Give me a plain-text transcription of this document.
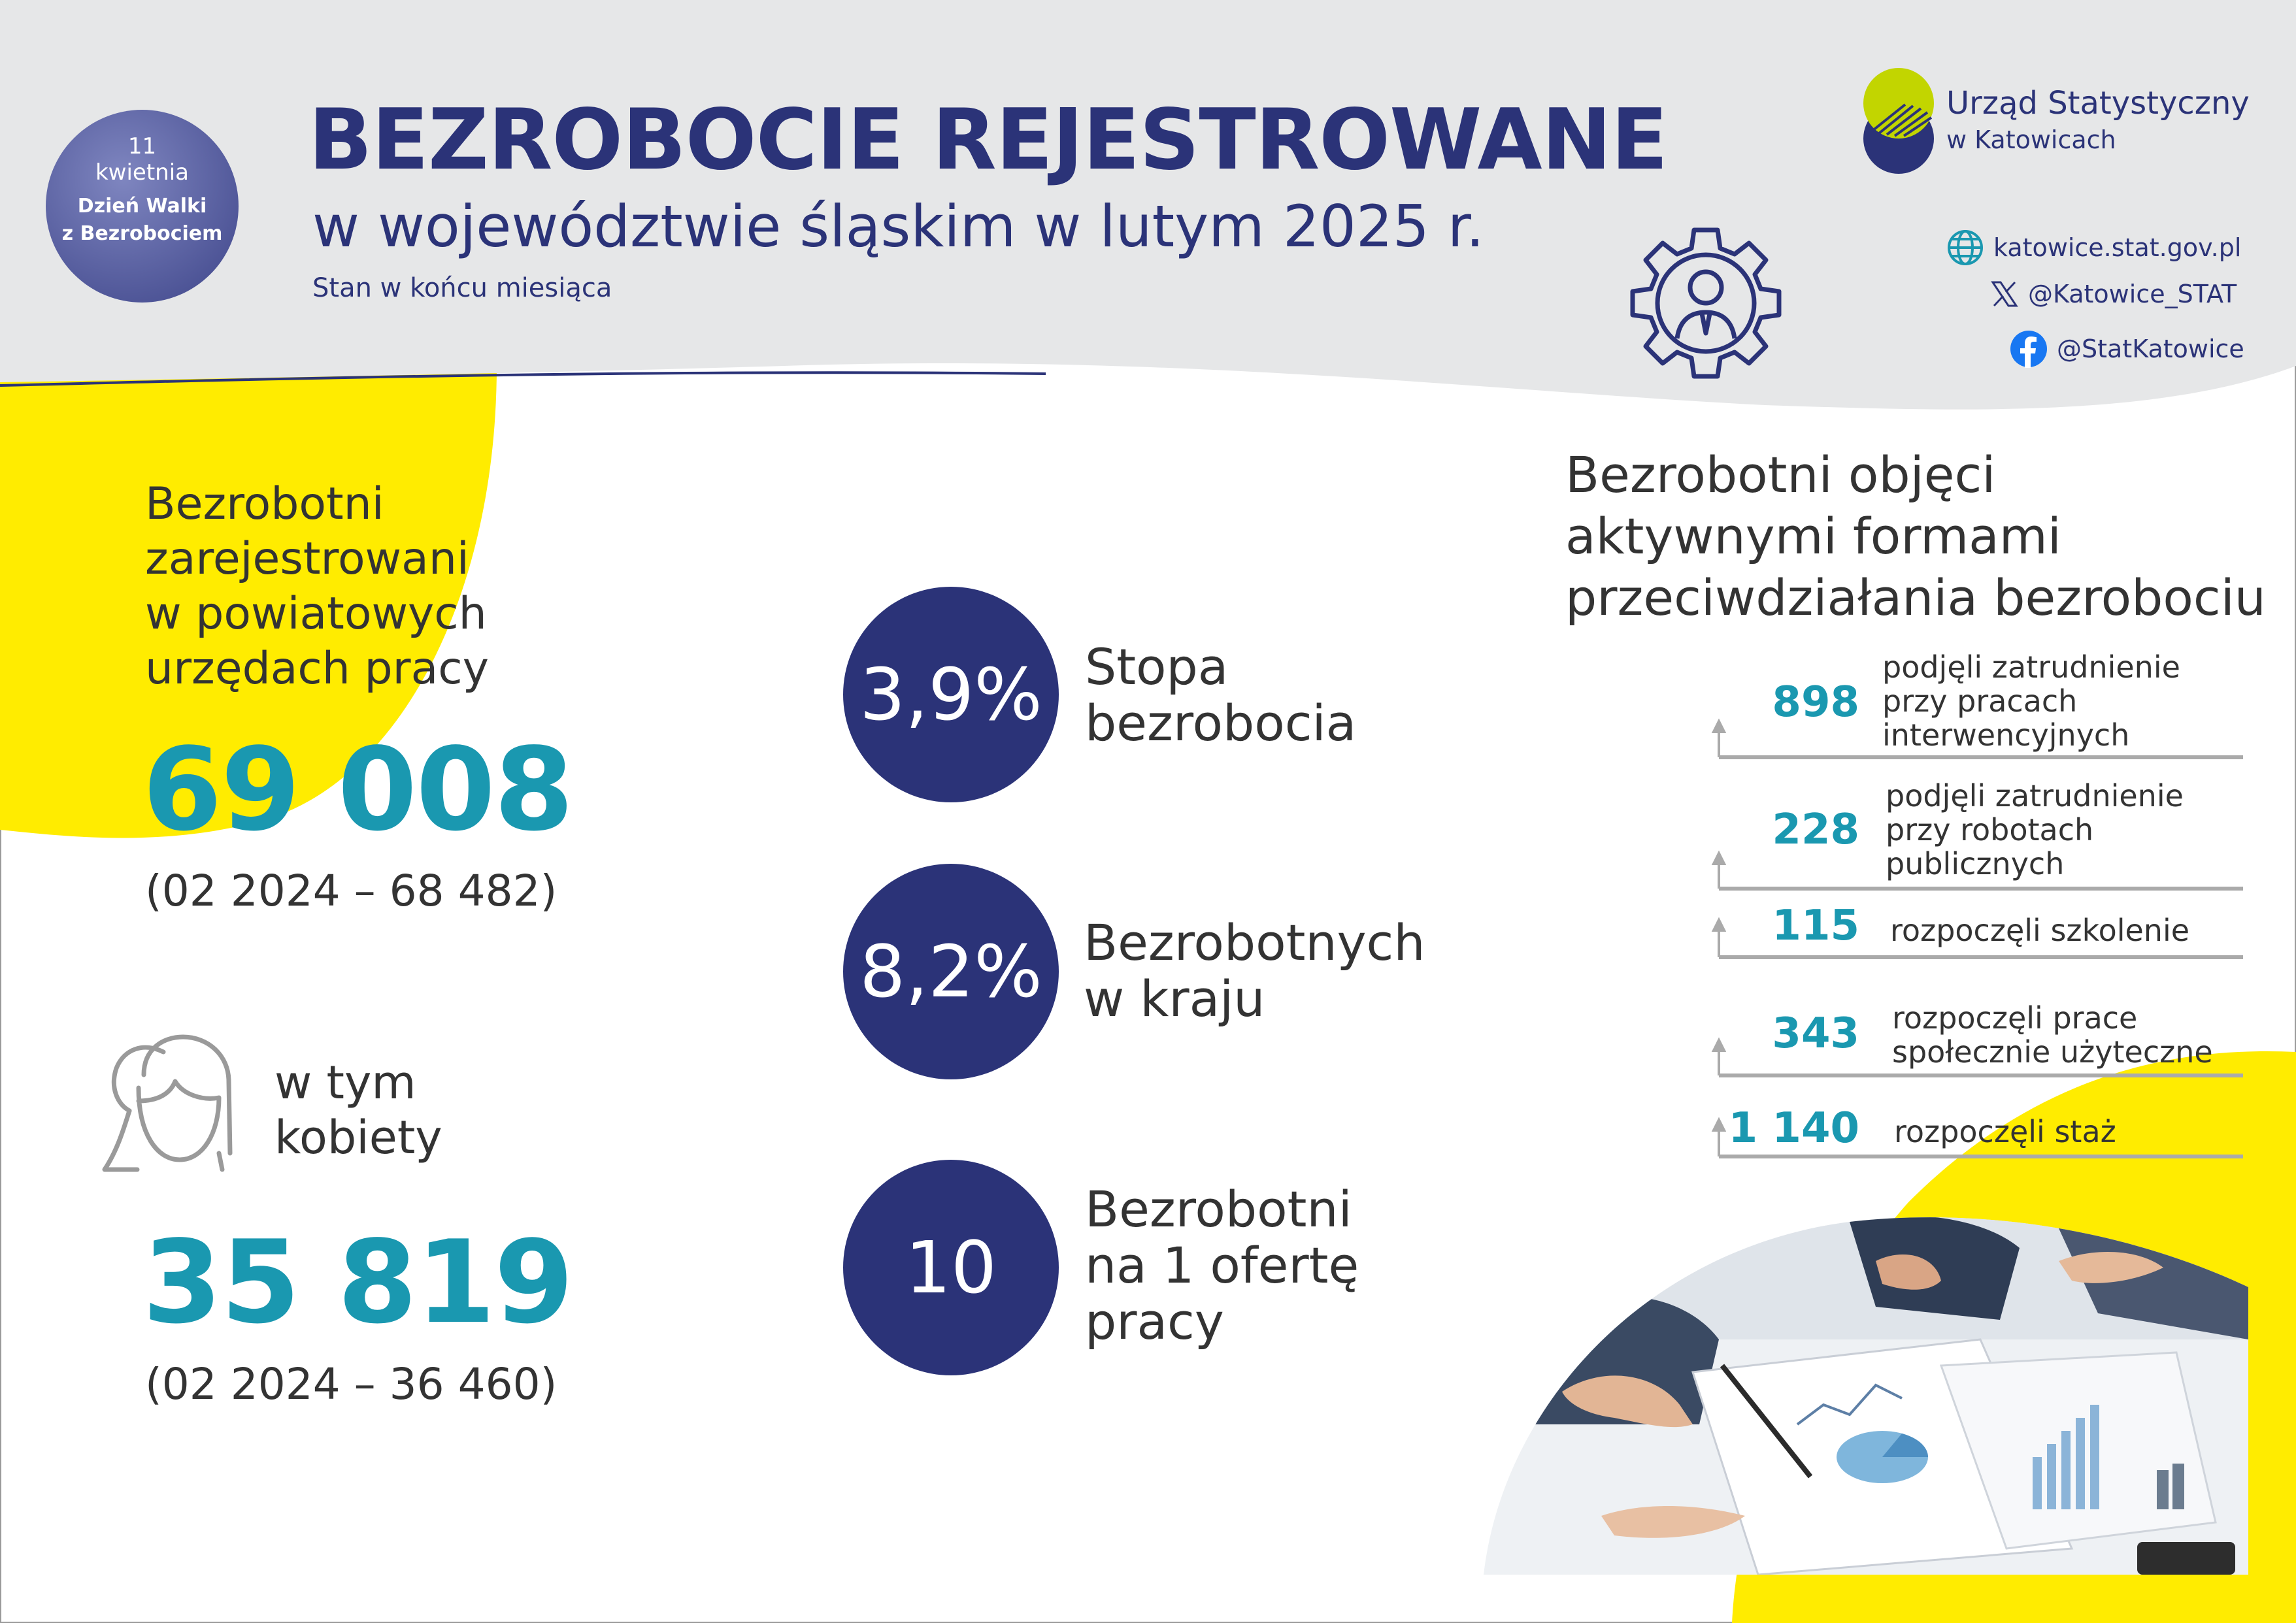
11
kwietnia
Dzień Walki
z Bezrobociem
BEZROBOCIE REJESTROWANE
w województwie śląskim w lutym 2025 r.
Stan w końcu miesiąca
Urząd Statystyczny
w Katowicach
katowice.stat.gov.pl
@Katowice_STAT
@StatKatowice
Bezrobotni
zarejestrowani
w powiatowych
urzędach pracy
69 008
(02 2024 – 68 482)
w tym
kobiety
35 819
(02 2024 – 36 460)
3,9% Stopa
bezrobocia
8,2% Bezrobotnych
w kraju
10
Bezrobotni
na 1 ofertę
pracy
Bezrobotni objęci
aktywnymi formami
przeciwdziałania bezrobociu
898
podjęli zatrudnienie
przy pracach
interwencyjnych
228
podjęli zatrudnienie
przy robotach
publicznych
115 rozpoczęli szkolenie
343 rozpoczęli prace
społecznie użyteczne
1 140 rozpoczęli staż
